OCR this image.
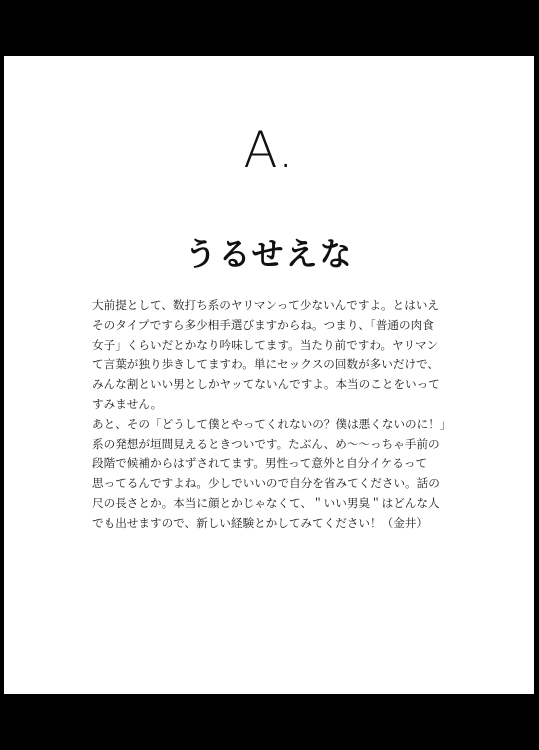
A.
うるせえな

大前提として、数打ち系のヤリマンって少ないんですよ。とはいえ

そのタイプですら多少相手選びますからね。つまり、「普通の肉食

女子」くらいだとかなり吟味してます。当たり前ですわ。ヤリマン

て言葉が独り歩きしてますわ。単にセックスの回数が多いだけで、

みんな割といい男としかヤッてないんですよ。本当のことをいって

すみません。

あと、その「どうして僕とやってくれないの？僕は悪くないのに！」

系の発想が垣間見えるときついです。たぶん、め〜〜っちゃ手前の

段階で候補からはずされてます。男性って意外と自分イケるって

思ってるんですよね。少しでいいので自分を省みてください。話の

尺の長さとか。本当に顔とかじゃなくて、＂いい男臭＂はどんな人

でも出せますので、新しい経験とかしてみてください！（金井）
